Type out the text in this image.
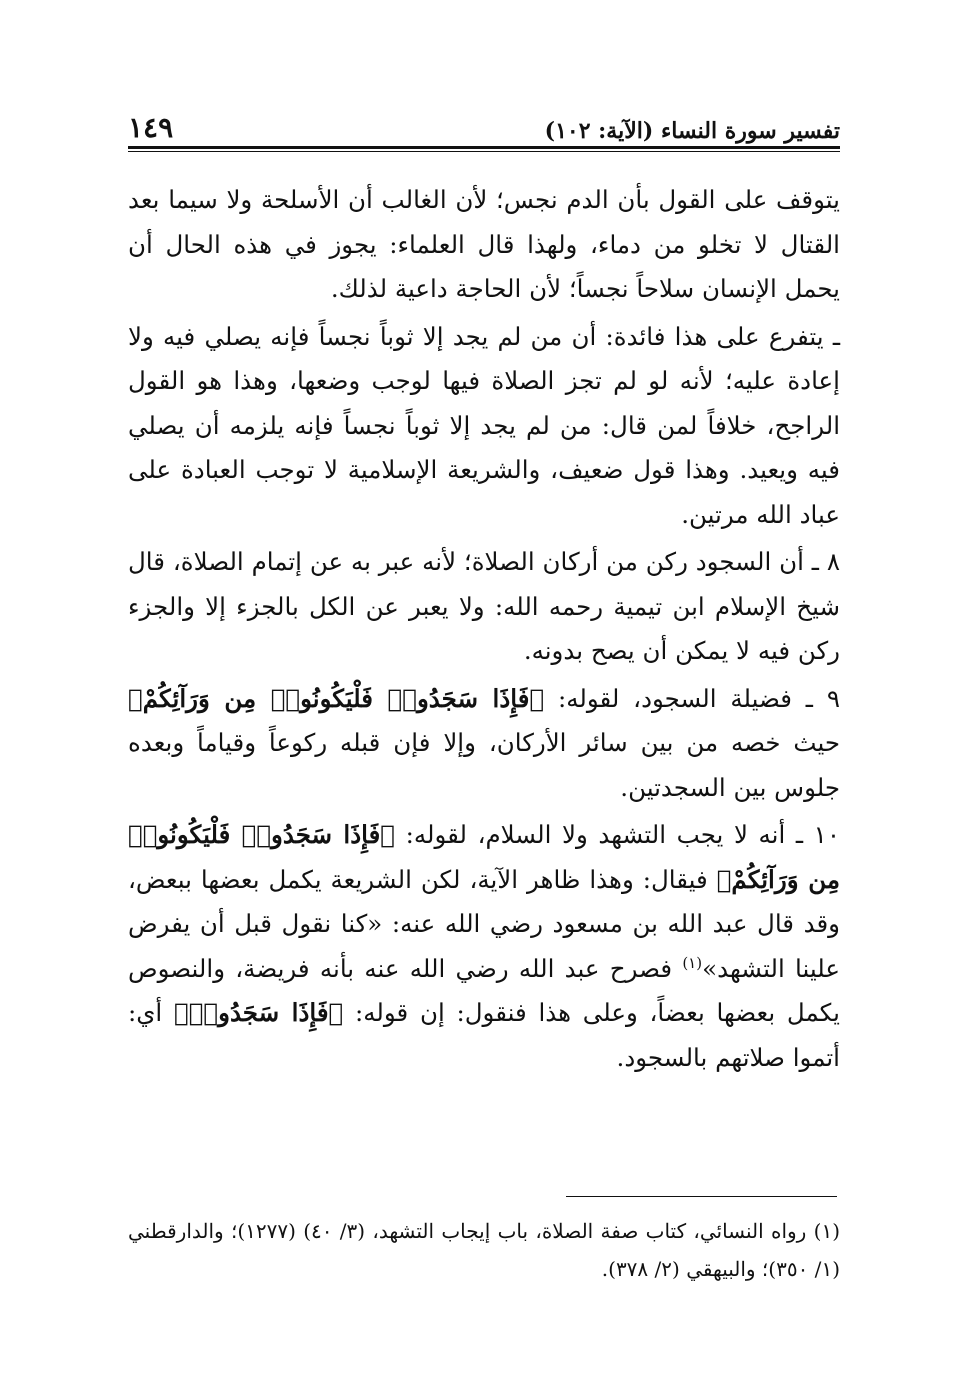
تفسير سورة النساء (الآية: ١٠٢)
١٤٩

يتوقف على القول بأن الدم نجس؛ لأن الغالب أن الأسلحة ولا سيما بعد القتال لا تخلو من دماء، ولهذا قال العلماء: يجوز في هذه الحال أن يحمل الإنسان سلاحاً نجساً؛ لأن الحاجة داعية لذلك.

ـ يتفرع على هذا فائدة: أن من لم يجد إلا ثوباً نجساً فإنه يصلي فيه ولا إعادة عليه؛ لأنه لو لم تجز الصلاة فيها لوجب وضعها، وهذا هو القول الراجح، خلافاً لمن قال: من لم يجد إلا ثوباً نجساً فإنه يلزمه أن يصلي فيه ويعيد. وهذا قول ضعيف، والشريعة الإسلامية لا توجب العبادة على عباد الله مرتين.

٨ ـ أن السجود ركن من أركان الصلاة؛ لأنه عبر به عن إتمام الصلاة، قال شيخ الإسلام ابن تيمية رحمه الله: ولا يعبر عن الكل بالجزء إلا والجزء ركن فيه لا يمكن أن يصح بدونه.

٩ ـ فضيلة السجود، لقوله: ﴿فَإِذَا سَجَدُوا۟ فَلْيَكُونُوا۟ مِن وَرَآئِكُمْ﴾ حيث خصه من بين سائر الأركان، وإلا فإن قبله ركوعاً وقياماً وبعده جلوس بين السجدتين.

١٠ ـ أنه لا يجب التشهد ولا السلام، لقوله: ﴿فَإِذَا سَجَدُوا۟ فَلْيَكُونُوا۟ مِن وَرَآئِكُمْ﴾ فيقال: وهذا ظاهر الآية، لكن الشريعة يكمل بعضها ببعض، وقد قال عبد الله بن مسعود رضي الله عنه: «كنا نقول قبل أن يفرض علينا التشهد»$^{(١)}$ فصرح عبد الله رضي الله عنه بأنه فريضة، والنصوص يكمل بعضها بعضاً، وعلى هذا فنقول: إن قوله: ﴿فَإِذَا سَجَدُوا۟﴾ أي: أتموا صلاتهم بالسجود.

(١) رواه النسائي، كتاب صفة الصلاة، باب إيجاب التشهد، (٣/ ٤٠) (١٢٧٧)؛ والدارقطني (١/ ٣٥٠)؛ والبيهقي (٢/ ٣٧٨).
